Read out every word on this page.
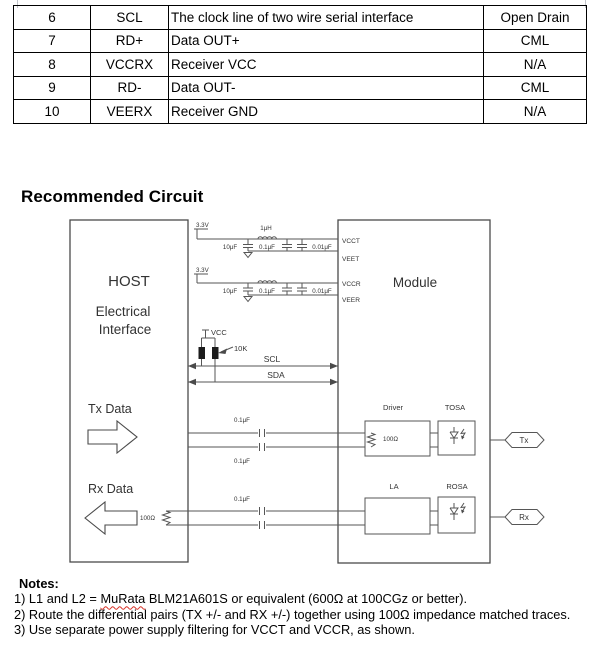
6	SCL	The clock line of two wire serial interface	Open Drain
7	RD+	Data OUT+	CML
8	VCCRX	Receiver VCC	N/A
9	RD-	Data OUT-	CML
10	VEERX	Receiver GND	N/A
Recommended Circuit
HOST
Electrical
Interface
Module
VCCT
VEET
VCCR
VEER
3.3V	1μH
10μF	0.1μF	0.01μF
3.3V
10μF	0.1μF	0.01μF
VCC
10K
SCL
SDA
Tx Data
0.1μF
0.1μF
Driver	TOSA
100Ω	Tx
Rx Data
100Ω
0.1μF
LA	ROSA
Rx
Notes:
1) L1 and L2 = MuRata BLM21A601S or equivalent (600Ω at 100CGz or better).
2) Route the differential pairs (TX +/- and RX +/-) together using 100Ω impedance matched traces.
3) Use separate power supply filtering for VCCT and VCCR, as shown.
